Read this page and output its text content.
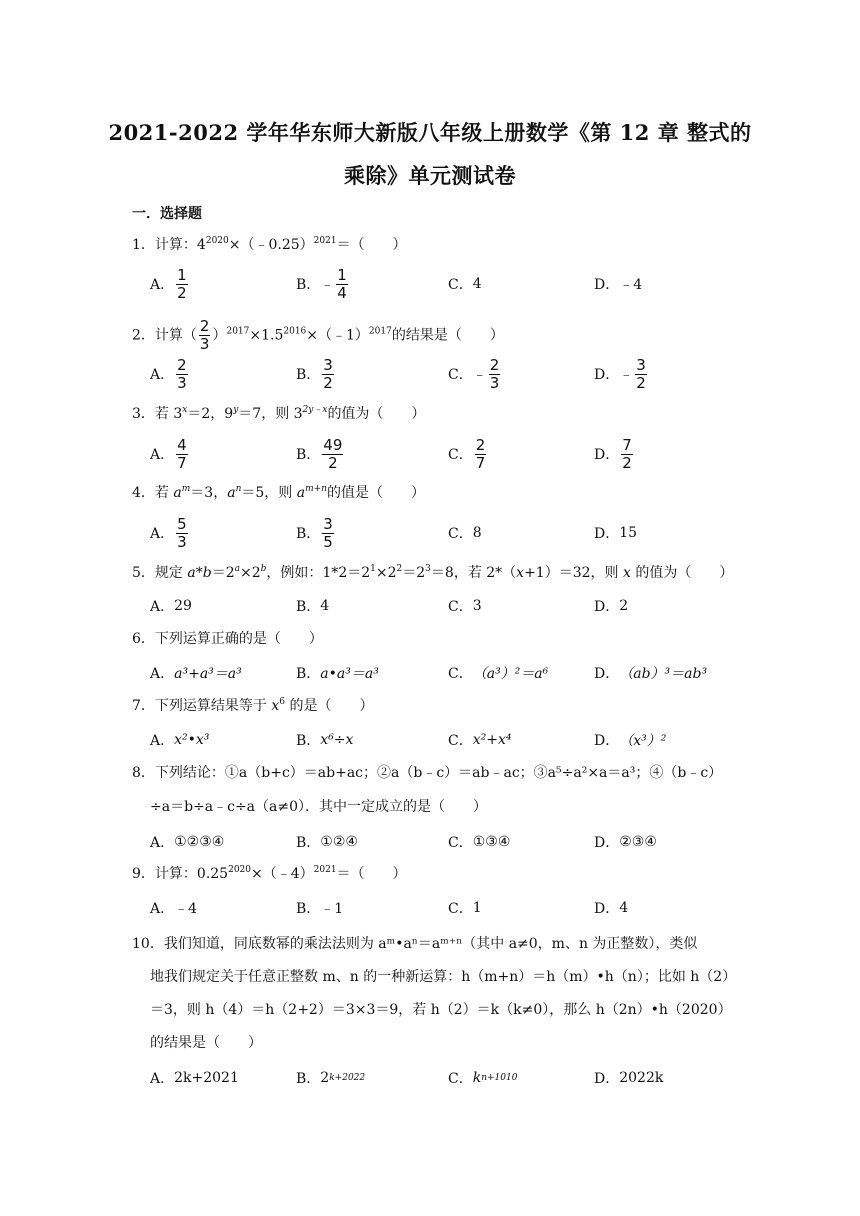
2021-2022 学年华东师大新版八年级上册数学《第 12 章 整式的
乘除》单元测试卷
一．选择题
1．计算：$4^{2020}\times(﹣0.25)^{2021}=$（　　）
A． $\frac{1}{2}$	B． ﹣ $\frac{1}{4}$	C． 4	D． ﹣4
2．计算（ $\frac{2}{3}$ ）$^{2017}\times 1.5^{2016}\times(﹣1)^{2017}$的结果是（　　）
A． $\frac{2}{3}$	B． $\frac{3}{2}$	C． ﹣ $\frac{2}{3}$	D． ﹣ $\frac{3}{2}$
3．若 $3^x=2$，$9^y=7$，则 $3^{2y﹣x}$的值为（　　）
A． $\frac{4}{7}$	B． $\frac{49}{2}$	C． $\frac{2}{7}$	D． $\frac{7}{2}$
4．若 $a^m=3$，$a^n=5$，则 $a^{m+n}$的值是（　　）
A． $\frac{5}{3}$	B． $\frac{3}{5}$	C． 8	D． 15
5．规定 $a*b=2^a\times 2^b$，例如：$1*2=2^1\times 2^2=2^3=8$，若 2*（x+1）＝32，则 x 的值为（　　）
A． 29	B． 4	C． 3	D． 2
6．下列运算正确的是（　　）
A． a³+a³＝a³	B． a•a³＝a³	C． （a³）²＝a⁶	D． （ab）³＝ab³
7．下列运算结果等于 $x^6$ 的是（　　）
A． x²•x³	B． x⁶÷x	C． x²+x⁴	D． （x³）²
8．下列结论：①a（b+c）＝ab+ac；②a（b﹣c）＝ab﹣ac；③a⁵÷a²×a＝a³；④（b﹣c）
÷a＝b÷a﹣c÷a（a≠0）．其中一定成立的是（　　）
A． ①②③④	B． ①②④	C． ①③④	D． ②③④
9．计算：$0.25^{2020}\times(﹣4)^{2021}=$（　　）
A． ﹣4	B． ﹣1	C． 1	D． 4
10．我们知道，同底数幂的乘法法则为 aᵐ•aⁿ＝aᵐ⁺ⁿ（其中 a≠0，m、n 为正整数），类似
地我们规定关于任意正整数 m、n 的一种新运算：h（m+n）＝h（m）•h（n）；比如 h（2）
＝3，则 h（4）＝h（2+2）＝3×3＝9，若 h（2）＝k（k≠0），那么 h（2n）•h（2020）
的结果是（　　）
A． 2k+2021	B． 2 k+2022	C． k n+1010	D． 2022k
